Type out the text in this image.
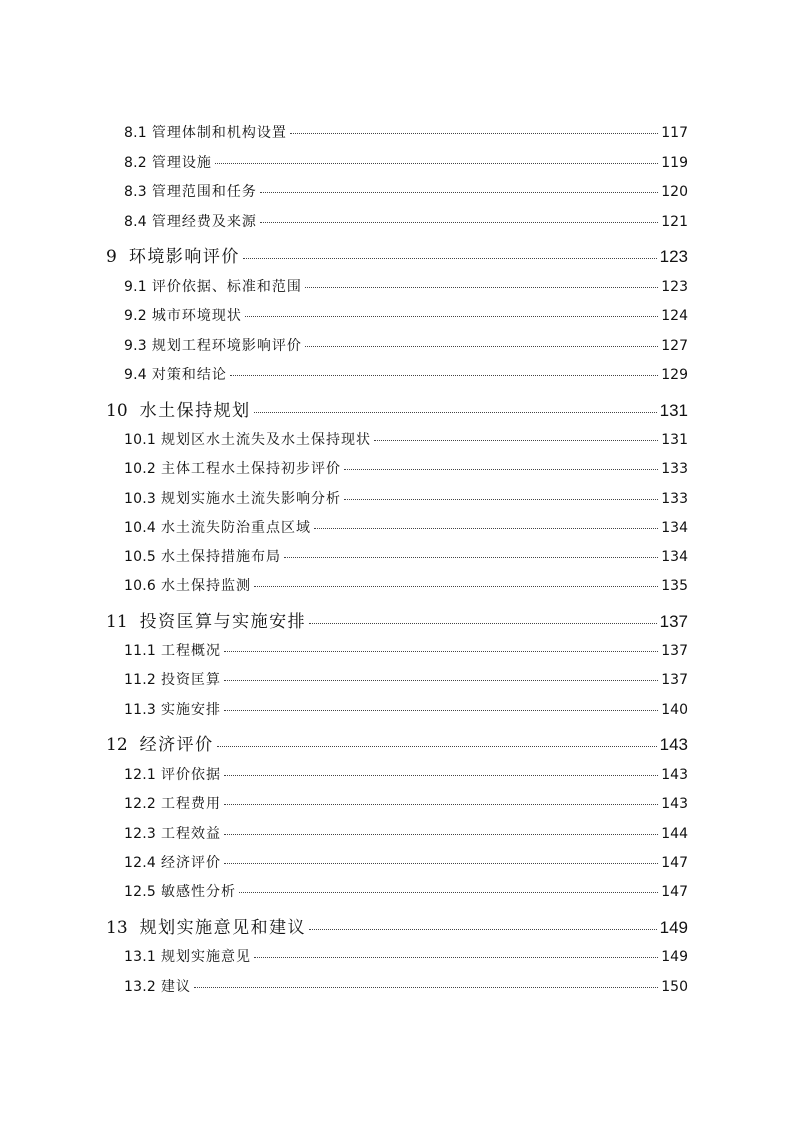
8.1 管理体制和机构设置	117
8.2 管理设施	119
8.3 管理范围和任务	120
8.4 管理经费及来源	121
9 环境影响评价	123
9.1 评价依据、标准和范围	123
9.2 城市环境现状	124
9.3 规划工程环境影响评价	127
9.4 对策和结论	129
10 水土保持规划	131
10.1 规划区水土流失及水土保持现状	131
10.2 主体工程水土保持初步评价	133
10.3 规划实施水土流失影响分析	133
10.4 水土流失防治重点区域	134
10.5 水土保持措施布局	134
10.6 水土保持监测	135
11 投资匡算与实施安排	137
11.1 工程概况	137
11.2 投资匡算	137
11.3 实施安排	140
12 经济评价	143
12.1 评价依据	143
12.2 工程费用	143
12.3 工程效益	144
12.4 经济评价	147
12.5 敏感性分析	147
13 规划实施意见和建议	149
13.1 规划实施意见	149
13.2 建议	150
